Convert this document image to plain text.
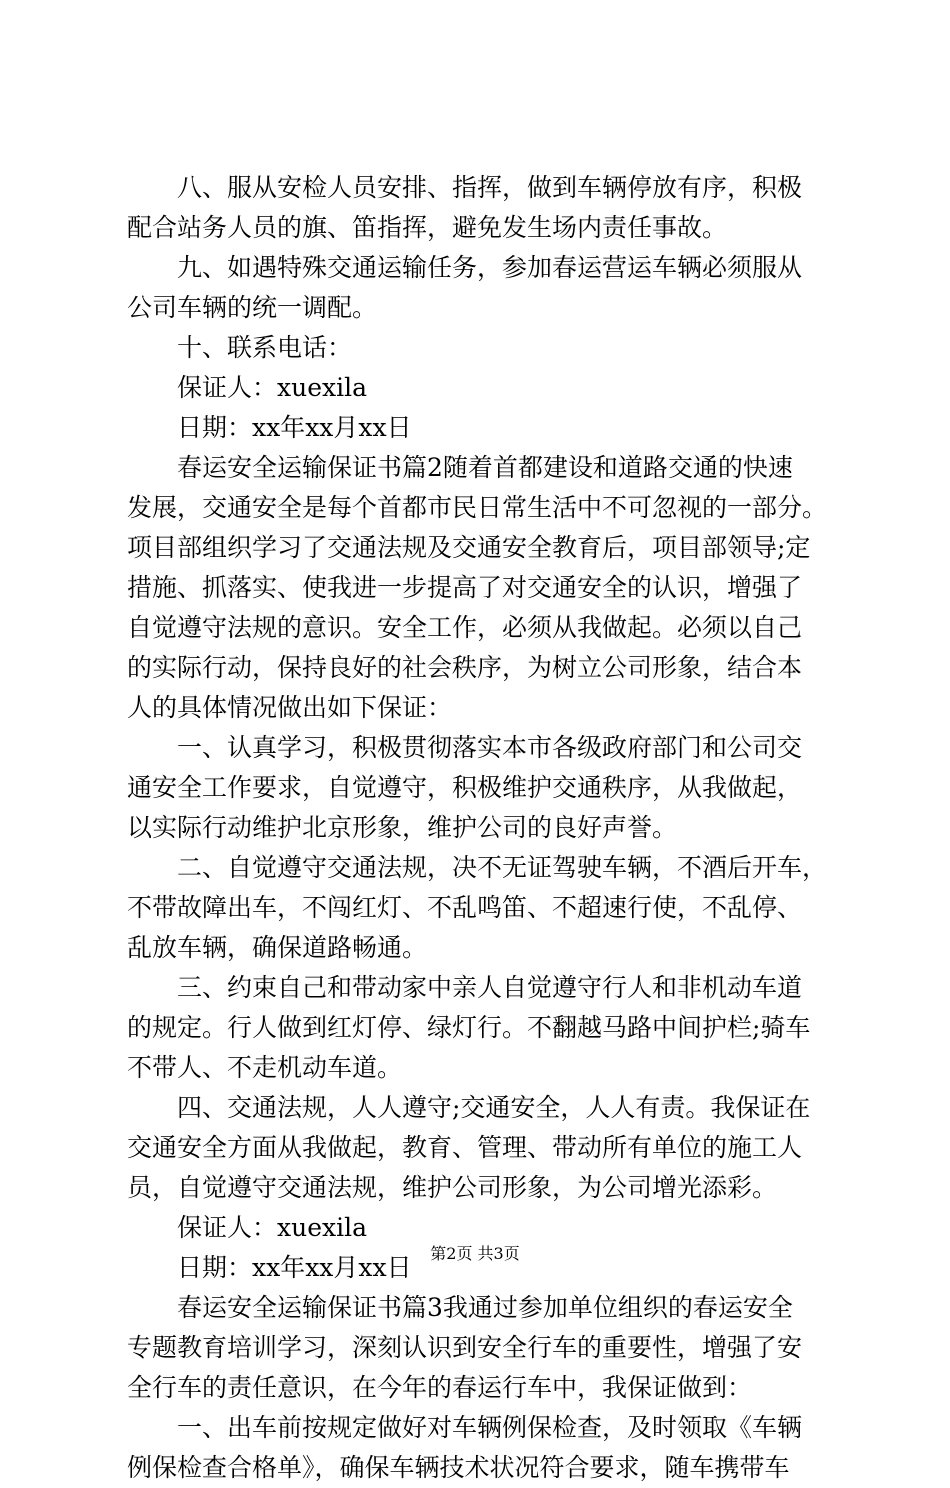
　　八、服从安检人员安排、指挥，做到车辆停放有序，积极
配合站务人员的旗、笛指挥，避免发生场内责任事故。
　　九、如遇特殊交通运输任务，参加春运营运车辆必须服从
公司车辆的统一调配。
　　十、联系电话：
　　保证人：xuexila
　　日期：xx年xx月xx日
　　春运安全运输保证书篇2随着首都建设和道路交通的快速
发展，交通安全是每个首都市民日常生活中不可忽视的一部分。
项目部组织学习了交通法规及交通安全教育后，项目部领导;定
措施、抓落实、使我进一步提高了对交通安全的认识，增强了
自觉遵守法规的意识。安全工作，必须从我做起。必须以自己
的实际行动，保持良好的社会秩序，为树立公司形象，结合本
人的具体情况做出如下保证：
　　一、认真学习，积极贯彻落实本市各级政府部门和公司交
通安全工作要求，自觉遵守，积极维护交通秩序，从我做起，
以实际行动维护北京形象，维护公司的良好声誉。
　　二、自觉遵守交通法规，决不无证驾驶车辆，不酒后开车，
不带故障出车，不闯红灯、不乱鸣笛、不超速行使，不乱停、
乱放车辆，确保道路畅通。
　　三、约束自己和带动家中亲人自觉遵守行人和非机动车道
的规定。行人做到红灯停、绿灯行。不翻越马路中间护栏;骑车
不带人、不走机动车道。
　　四、交通法规，人人遵守;交通安全，人人有责。我保证在
交通安全方面从我做起，教育、管理、带动所有单位的施工人
员，自觉遵守交通法规，维护公司形象，为公司增光添彩。
　　保证人：xuexila
　　日期：xx年xx月xx日
　　春运安全运输保证书篇3我通过参加单位组织的春运安全
专题教育培训学习，深刻认识到安全行车的重要性，增强了安
全行车的责任意识，在今年的春运行车中，我保证做到：
　　一、出车前按规定做好对车辆例保检查，及时领取《车辆
例保检查合格单》，确保车辆技术状况符合要求，随车携带车
第2页 共3页
